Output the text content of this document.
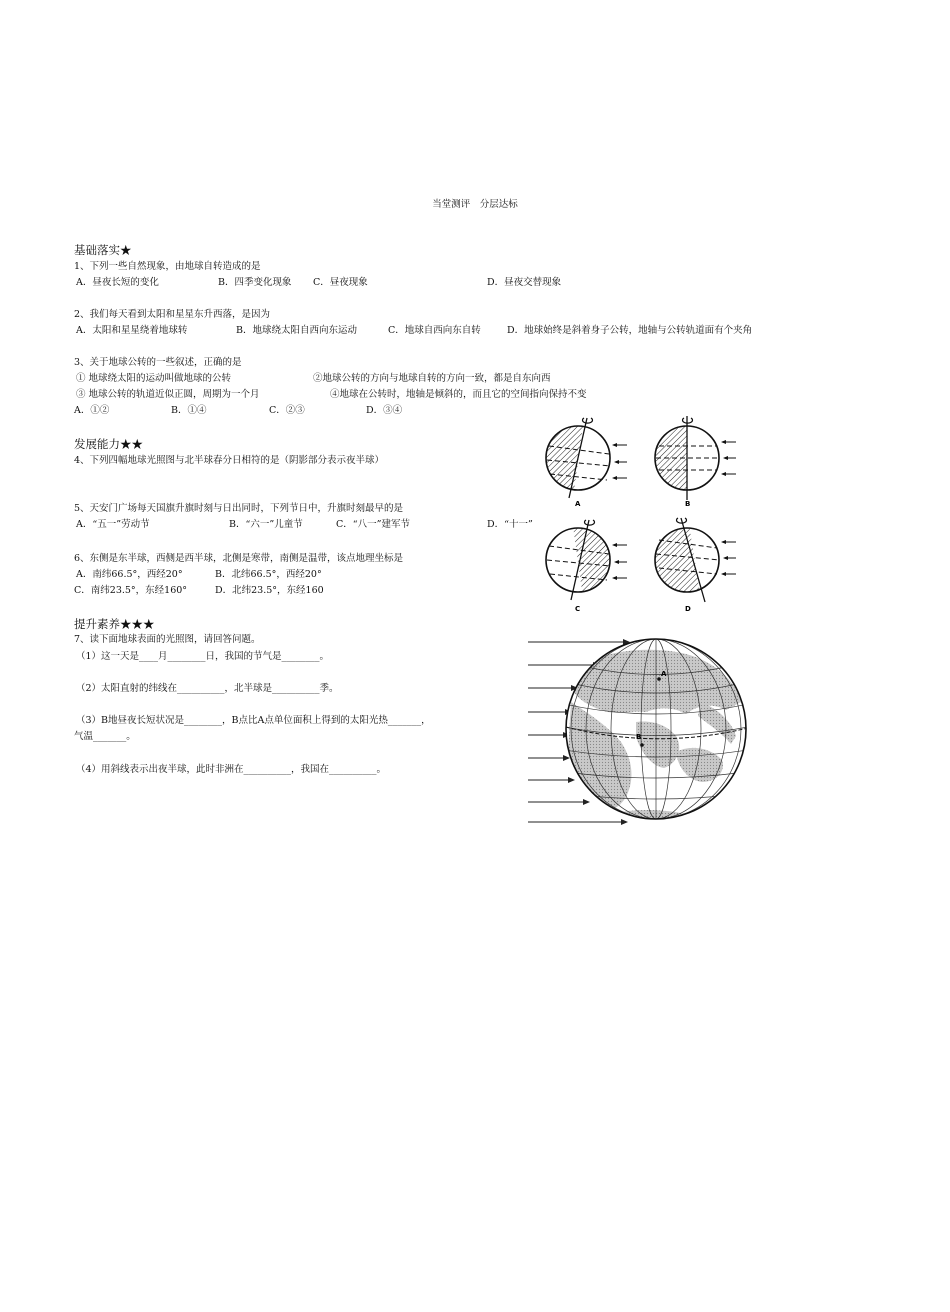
当堂测评　分层达标
基础落实★
1、下列一些自然现象，由地球自转造成的是
A．昼夜长短的变化	B．四季变化现象 C．昼夜现象	D．昼夜交替现象
2、我们每天看到太阳和星星东升西落，是因为
A．太阳和星星绕着地球转	B．地球绕太阳自西向东运动	C．地球自西向东自转	D．地球始终是斜着身子公转，地轴与公转轨道面有个夹角
3、关于地球公转的一些叙述，正确的是
① 地球绕太阳的运动叫做地球的公转	②地球公转的方向与地球自转的方向一致，都是自东向西
③ 地球公转的轨道近似正圆，周期为一个月	④地球在公转时，地轴是倾斜的，而且它的空间指向保持不变
A．①②	B．①④	C．②③	D．③④
发展能力★★
4、下列四幅地球光照图与北半球春分日相符的是（阴影部分表示夜半球）
5、天安门广场每天国旗升旗时刻与日出同时，下列节日中，升旗时刻最早的是
A．“五一”劳动节	B．“六一”儿童节	C．“八一”建军节	D．“十一”
6、东侧是东半球，西侧是西半球，北侧是寒带，南侧是温带，该点地理坐标是
A．南纬66.5°，西经20°	B．北纬66.5°，西经20°
C．南纬23.5°，东经160°	D．北纬23.5°，东经160
提升素养★★★
7、读下面地球表面的光照图，请回答问题。
（1）这一天是____月________日，我国的节气是________。
（2）太阳直射的纬线在__________，北半球是__________季。
（3）B地昼夜长短状况是________，B点比A点单位面积上得到的太阳光热_______，
气温_______。
（4）用斜线表示出夜半球，此时非洲在__________，我国在__________。
A	B
C	D
A
B
